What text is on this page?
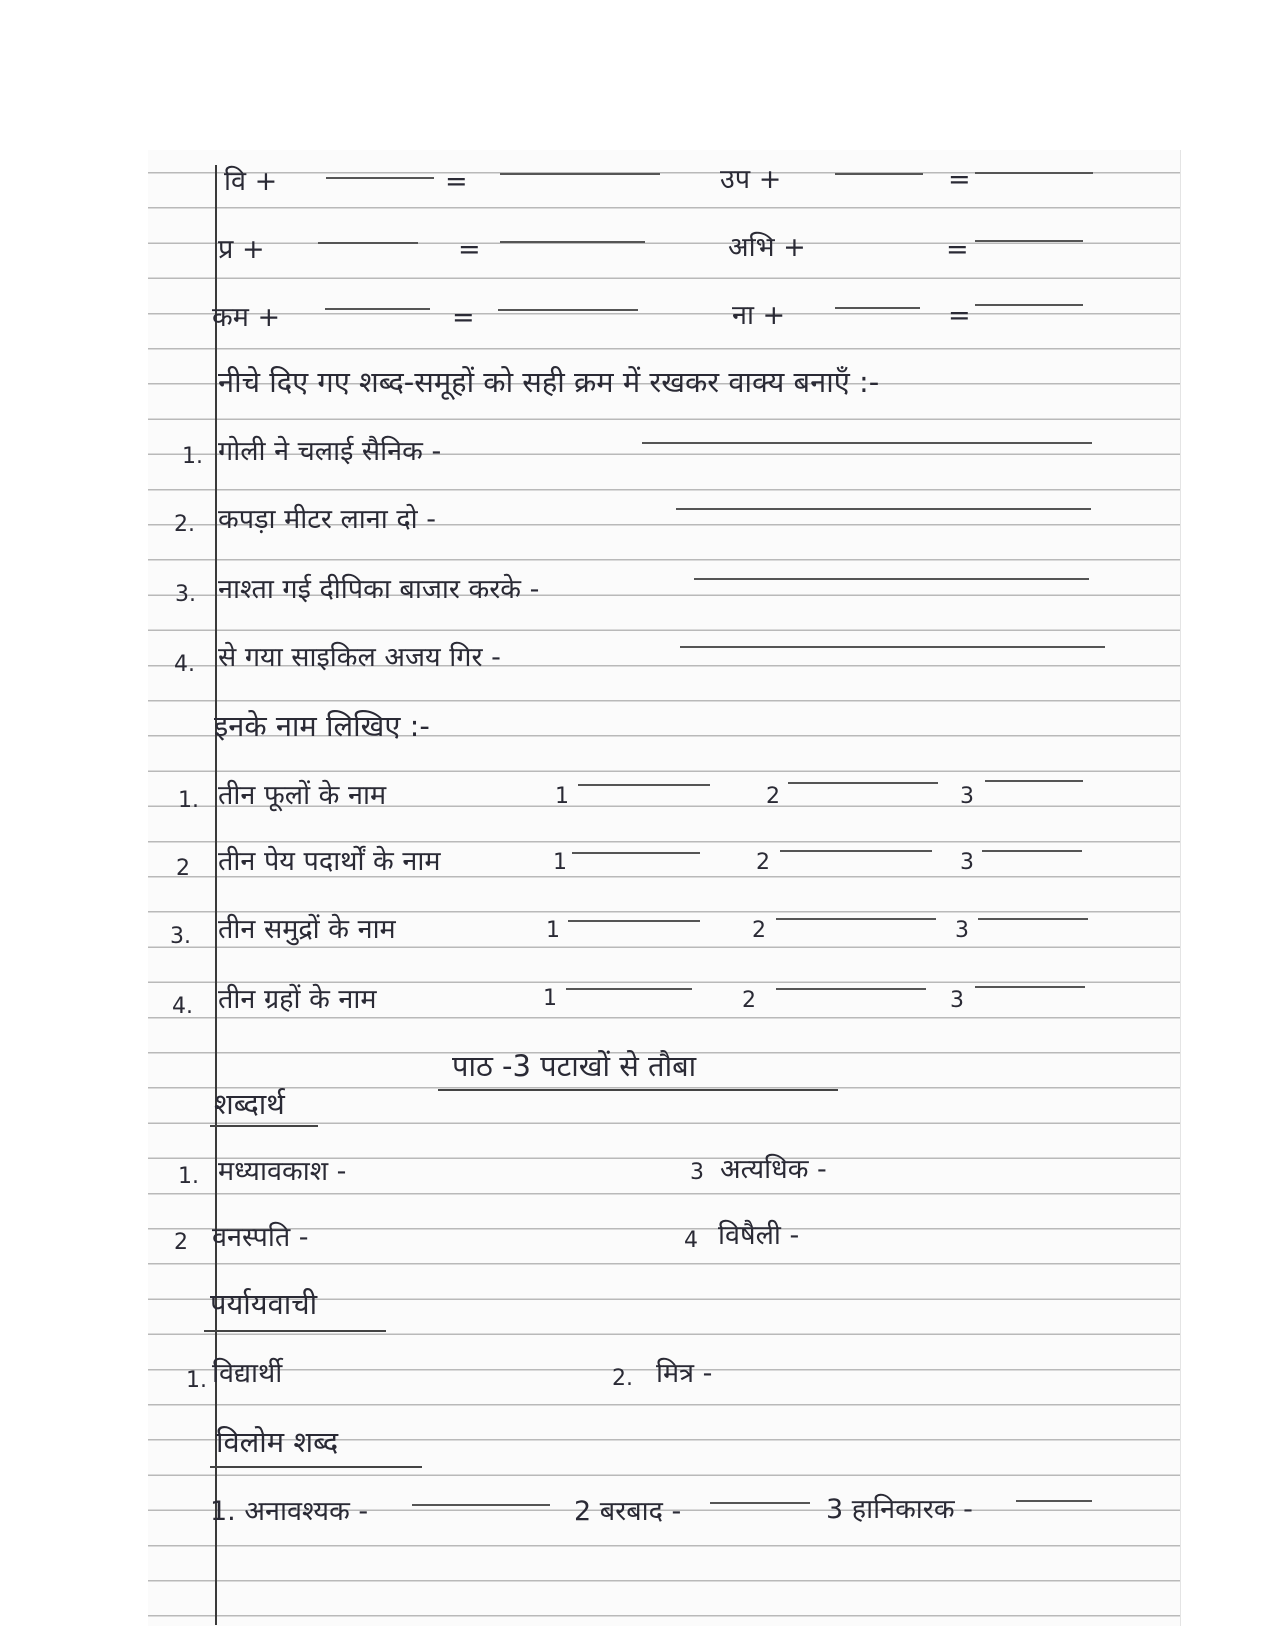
वि +	=	उप +	=
प्र +	=	अभि +	=
कम +	=	ना +	=
नीचे दिए गए शब्द-समूहों को सही क्रम में रखकर वाक्य बनाएँ :-
1. गोली ने चलाई सैनिक -
2. कपड़ा मीटर लाना दो -
3. नाश्ता गई दीपिका बाजार करके -
4. से गया साइकिल अजय गिर -
इनके नाम लिखिए :-
1. तीन फूलों के नाम	1	2	3
2 तीन पेय पदार्थों के नाम	1	2	3
3. तीन समुद्रों के नाम	1	2	3
4. तीन ग्रहों के नाम	1	2	3
पाठ -3 पटाखों से तौबा
शब्दार्थ
1. मध्यावकाश -	3 अत्यधिक -
2 वनस्पति -	4 विषैली -
पर्यायवाची
1. विद्यार्थी	2. मित्र -
विलोम शब्द
1. अनावश्यक -	2 बरबाद -	3 हानिकारक -
